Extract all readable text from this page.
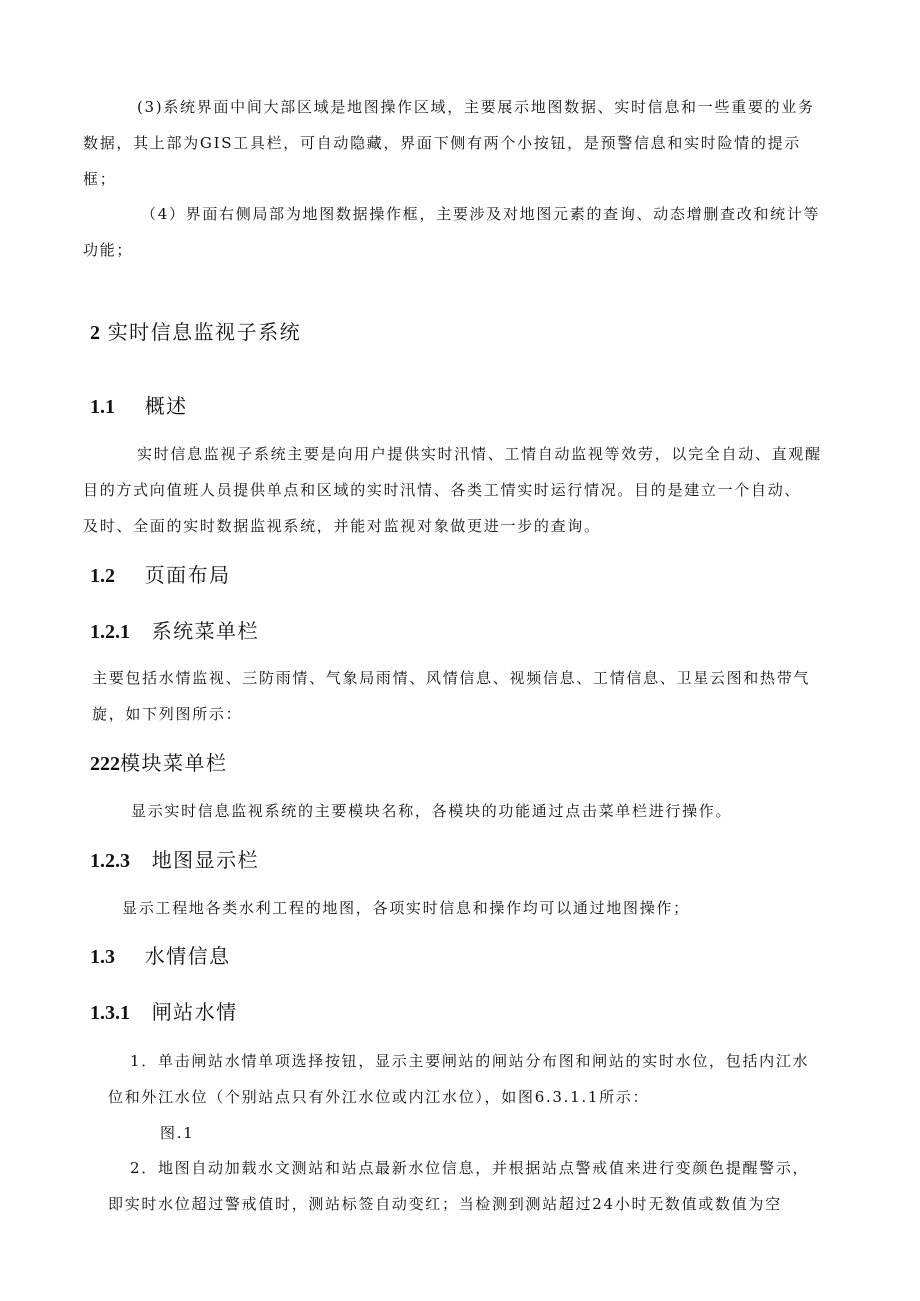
(3)系统界面中间大部区域是地图操作区域，主要展示地图数据、实时信息和一些重要的业务
数据，其上部为GIS工具栏，可自动隐藏，界面下侧有两个小按钮，是预警信息和实时险情的提示
框；
（4）界面右侧局部为地图数据操作框，主要涉及对地图元素的查询、动态增删查改和统计等
功能；
2 实时信息监视子系统
1.1 概述
实时信息监视子系统主要是向用户提供实时汛情、工情自动监视等效劳，以完全自动、直观醒
目的方式向值班人员提供单点和区域的实时汛情、各类工情实时运行情况。目的是建立一个自动、
及时、全面的实时数据监视系统，并能对监视对象做更进一步的查询。
1.2 页面布局
1.2.1 系统菜单栏
主要包括水情监视、三防雨情、气象局雨情、风情信息、视频信息、工情信息、卫星云图和热带气
旋，如下列图所示：
222模块菜单栏
显示实时信息监视系统的主要模块名称，各模块的功能通过点击菜单栏进行操作。
1.2.3 地图显示栏
显示工程地各类水利工程的地图，各项实时信息和操作均可以通过地图操作；
1.3 水情信息
1.3.1 闸站水情
1．单击闸站水情单项选择按钮，显示主要闸站的闸站分布图和闸站的实时水位，包括内江水
位和外江水位（个别站点只有外江水位或内江水位），如图6.3.1.1所示：
图.1
2．地图自动加载水文测站和站点最新水位信息，并根据站点警戒值来进行变颜色提醒警示，
即实时水位超过警戒值时，测站标签自动变红；当检测到测站超过24小时无数值或数值为空
